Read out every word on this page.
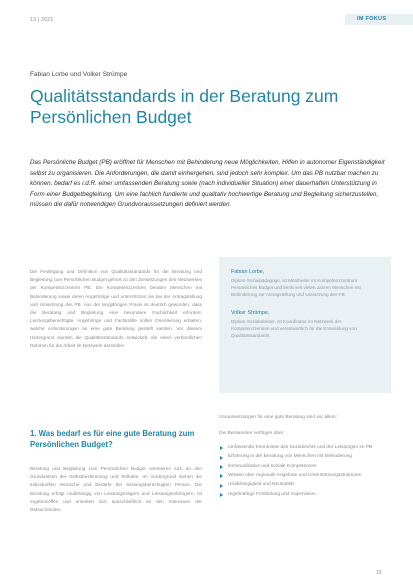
13 | 2021	IM FOKUS
Fabian Lorbe und Volker Strümpe
Qualitätsstandards in der Beratung zum Persönlichen Budget

Das Persönliche Budget (PB) eröffnet für Menschen mit Behinderung neue Möglichkeiten, Hilfen in autonomer Eigenständigkeit selbst zu organisieren. Die Anforderungen, die damit einhergehen, sind jedoch sehr komplex. Um das PB nutzbar machen zu können, bedarf es i.d.R. einer umfassenden Beratung sowie (nach individueller Situation) einer dauerhaften Unterstützung in Form einer Budgetbegleitung. Um eine fachlich fundierte und qualitativ hochwertige Beratung und Begleitung sicherzustellen, müssen die dafür notwendigen Grundvoraussetzungen definiert werden.

Die Festlegung und Definition von Qualitätsstandards für die Beratung und Begleitung zum Persönlichen Budget gehört zu den Zielsetzungen des Netzwerkes der Kompetenzzentren PB. Die Kompetenzzentren beraten Menschen mit Behinderung sowie deren Angehörige und unterstützen sie bei der Antragstellung und Umsetzung des PB. Aus der langjährigen Praxis ist deutlich geworden, dass die Beratung und Begleitung eine besondere Fachlichkeit erfordert. Leistungsberechtigte, Angehörige und Fachkräfte sollen Orientierung erhalten, welche Anforderungen an eine gute Beratung gestellt werden. Vor diesem Hintergrund wurden die Qualitätsstandards entwickelt, die einen verbindlichen Rahmen für die Arbeit im Netzwerk darstellen.

1. Was bedarf es für eine gute Beratung zum Persönlichen Budget?

Beratung und Begleitung zum Persönlichen Budget orientieren sich an den Grundsätzen der Selbstbestimmung und Teilhabe. Im Vordergrund stehen die individuellen Wünsche und Bedarfe der leistungsberechtigten Person. Die Beratung erfolgt unabhängig von Leistungsträgern und Leistungserbringern, ist ergebnisoffen und orientiert sich ausschließlich an den Interessen der Ratsuchenden.

Fabian Lorbe,
Diplom-Sozialpädagoge, ist Mitarbeiter im Kompetenzzentrum Persönliches Budget und berät seit vielen Jahren Menschen mit Behinderung zur Antragstellung und Umsetzung des PB.
Volker Strümpe,
Diplom-Sozialarbeiter, ist Koordinator im Netzwerk der Kompetenzzentren und verantwortlich für die Entwicklung von Qualitätsstandards.

Voraussetzungen für eine gute Beratung sind vor allem:

Die Beratenden verfügen über:

umfassende Kenntnisse des Sozialrechts und der Leistungen im PB
Erfahrung in der Beratung von Menschen mit Behinderung
kommunikative und soziale Kompetenzen
Wissen über regionale Angebote und Unterstützungsstrukturen
Unabhängigkeit und Neutralität
regelmäßige Fortbildung und Supervision
15
